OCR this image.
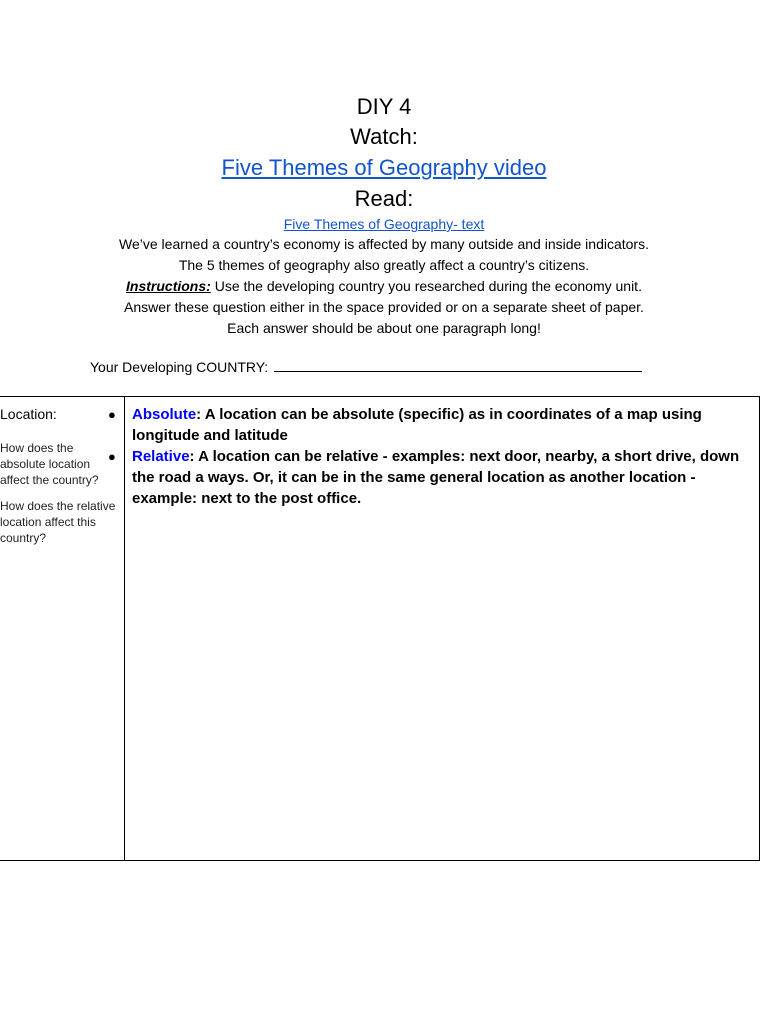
DIY 4
Watch:
Five Themes of Geography video
Read:
Five Themes of Geography- text
We’ve learned a country’s economy is affected by many outside and inside indicators.
The 5 themes of geography also greatly affect a country’s citizens.
Instructions: Use the developing country you researched during the economy unit.
Answer these question either in the space provided or on a separate sheet of paper.
Each answer should be about one paragraph long!
Your Developing COUNTRY:
Location:
How does the absolute location affect the country?
How does the relative location affect this country?
●	Absolute: A location can be absolute (specific) as in coordinates of a map using longitude and latitude
●	Relative: A location can be relative - examples: next door, nearby, a short drive, down the road a ways. Or, it can be in the same general location as another location - example: next to the post office.
